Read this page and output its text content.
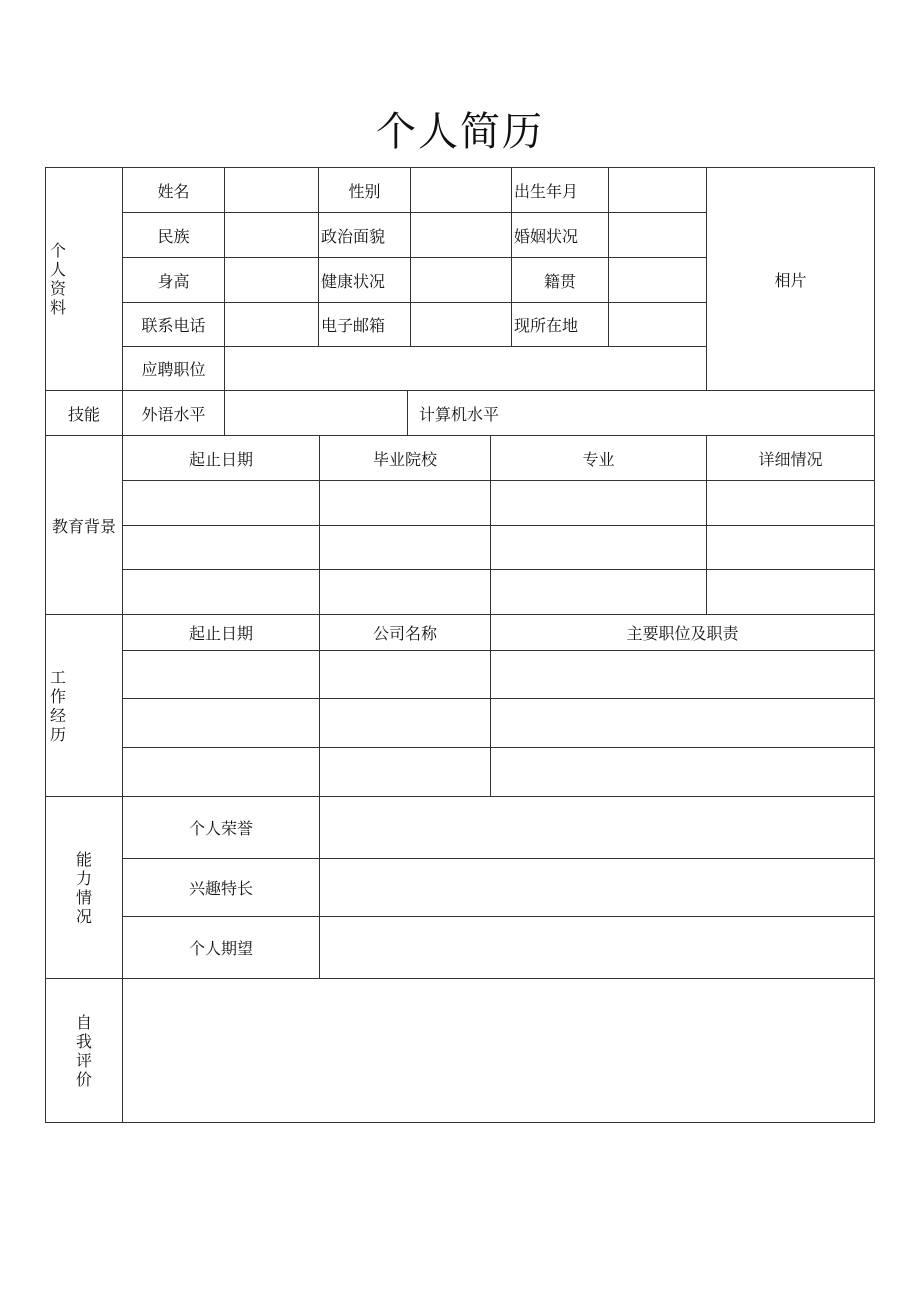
个人简历
个
人
资
料
姓名	性别	出生年月
民族	政治面貌	婚姻状况
身高	健康状况	籍贯
联系电话	电子邮箱	现所在地
应聘职位
相片
技能	外语水平	计算机水平
教育背景
起止日期	毕业院校	专业	详细情况
工
作
经
历
起止日期	公司名称	主要职位及职责
能
力
情
况
个人荣誉
兴趣特长
个人期望
自
我
评
价
